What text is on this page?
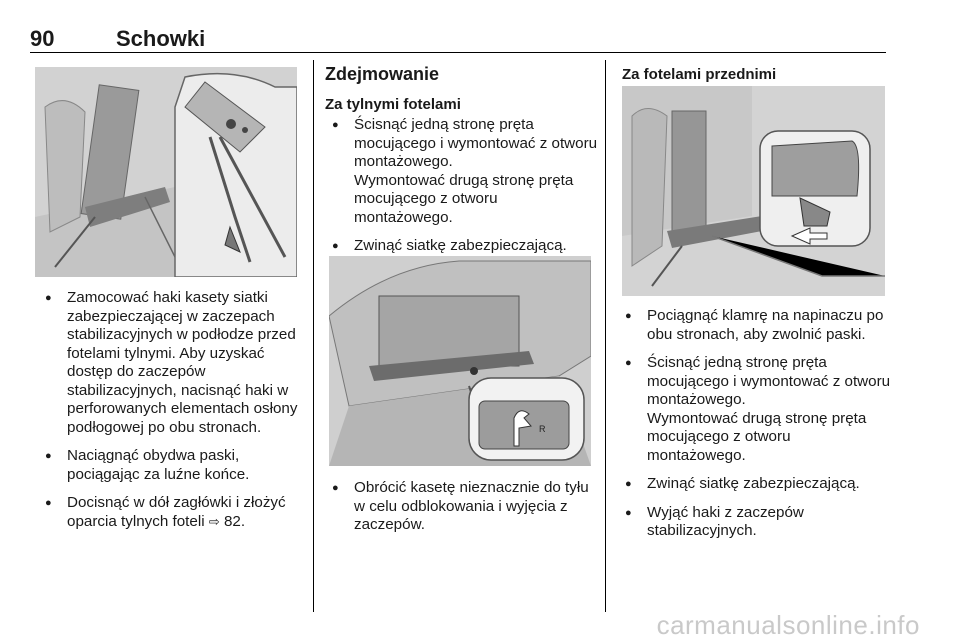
90	Schowki
● Zamocować haki kasety siatki zabezpieczającej w zaczepach stabilizacyjnych w podłodze przed fotelami tylnymi. Aby uzyskać dostęp do zaczepów stabilizacyjnych, nacisnąć haki w perforowanych elementach osłony podłogowej po obu stronach.
● Naciągnąć obydwa paski, pociągając za luźne końce.
● Docisnąć w dół zagłówki i złożyć oparcia tylnych foteli ⇨ 82.
Zdejmowanie
Za tylnymi fotelami
● Ścisnąć jedną stronę pręta mocującego i wymontować z otworu montażowego.
Wymontować drugą stronę pręta mocującego z otworu montażowego.
● Zwinąć siatkę zabezpieczającą.
R
● Obrócić kasetę nieznacznie do tyłu w celu odblokowania i wyjęcia z zaczepów.
Za fotelami przednimi
● Pociągnąć klamrę na napinaczu po obu stronach, aby zwolnić paski.
● Ścisnąć jedną stronę pręta mocującego i wymontować z otworu montażowego.
Wymontować drugą stronę pręta mocującego z otworu montażowego.
● Zwinąć siatkę zabezpieczającą.
● Wyjąć haki z zaczepów stabilizacyjnych.
carmanualsonline.info
